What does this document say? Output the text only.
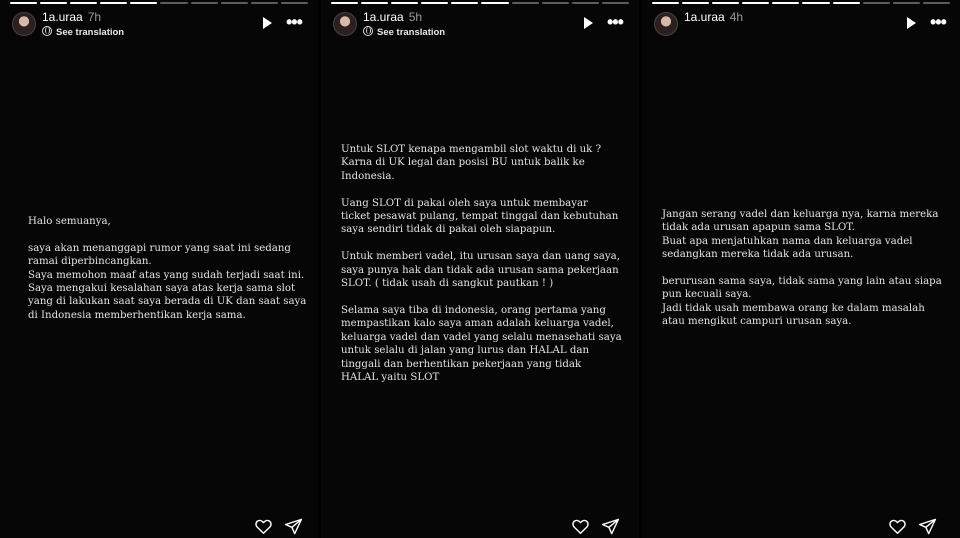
1a.uraa 7h
See translation
•••
Halo semuanya,

saya akan menanggapi rumor yang saat ini sedang
ramai diperbincangkan.
Saya memohon maaf atas yang sudah terjadi saat ini.
Saya mengakui kesalahan saya atas kerja sama slot
yang di lakukan saat saya berada di UK dan saat saya
di Indonesia memberhentikan kerja sama.
1a.uraa 5h
See translation
•••
Untuk SLOT kenapa mengambil slot waktu di uk ?
Karna di UK legal dan posisi BU untuk balik ke
Indonesia.

Uang SLOT di pakai oleh saya untuk membayar
ticket pesawat pulang, tempat tinggal dan kebutuhan
saya sendiri tidak di pakai oleh siapapun.

Untuk memberi vadel, itu urusan saya dan uang saya,
saya punya hak dan tidak ada urusan sama pekerjaan
SLOT. ( tidak usah di sangkut pautkan ! )

Selama saya tiba di indonesia, orang pertama yang
mempastikan kalo saya aman adalah keluarga vadel,
keluarga vadel dan vadel yang selalu menasehati saya
untuk selalu di jalan yang lurus dan HALAL dan
tinggali dan berhentikan pekerjaan yang tidak
HALAL yaitu SLOT
1a.uraa 4h	•••
Jangan serang vadel dan keluarga nya, karna mereka
tidak ada urusan apapun sama SLOT.
Buat apa menjatuhkan nama dan keluarga vadel
sedangkan mereka tidak ada urusan.

berurusan sama saya, tidak sama yang lain atau siapa
pun kecuali saya.
Jadi tidak usah membawa orang ke dalam masalah
atau mengikut campuri urusan saya.
